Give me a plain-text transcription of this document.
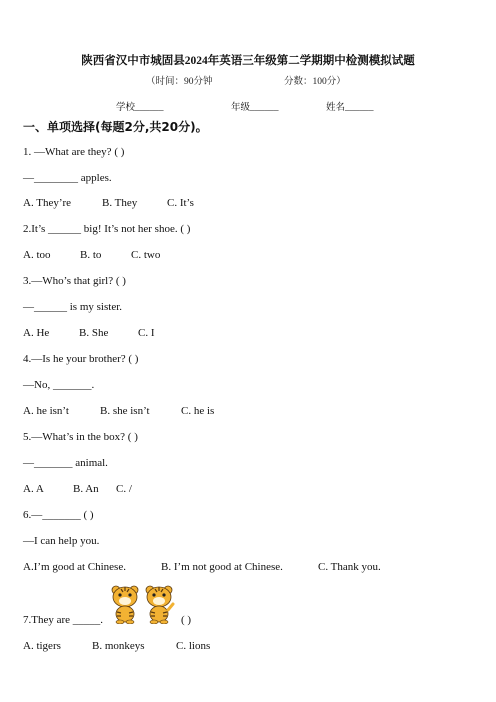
陕西省汉中市城固县2024年英语三年级第二学期期中检测模拟试题
（时间：90分钟	分数：100分）
学校______	年级______	姓名______
一、单项选择(每题2分,共20分)。
1. —What are they? ( )
—________ apples.
A. They’re	B. They	C. It’s
2.It’s ______ big! It’s not her shoe. ( )
A. too	B. to	C. two
3.—Who’s that girl? ( )
—______ is my sister.
A. He	B. She	C. I
4.—Is he your brother? ( )
—No, _______.
A. he isn’t	B. she isn’t	C. he is
5.—What’s in the box? ( )
—_______ animal.
A. A	B. An C. /
6.—_______ ( )
—I can help you.
A.I’m good at Chinese.	B. I’m not good at Chinese.	C. Thank you.
7.They are _____.	( )
A. tigers	B. monkeys	C. lions
